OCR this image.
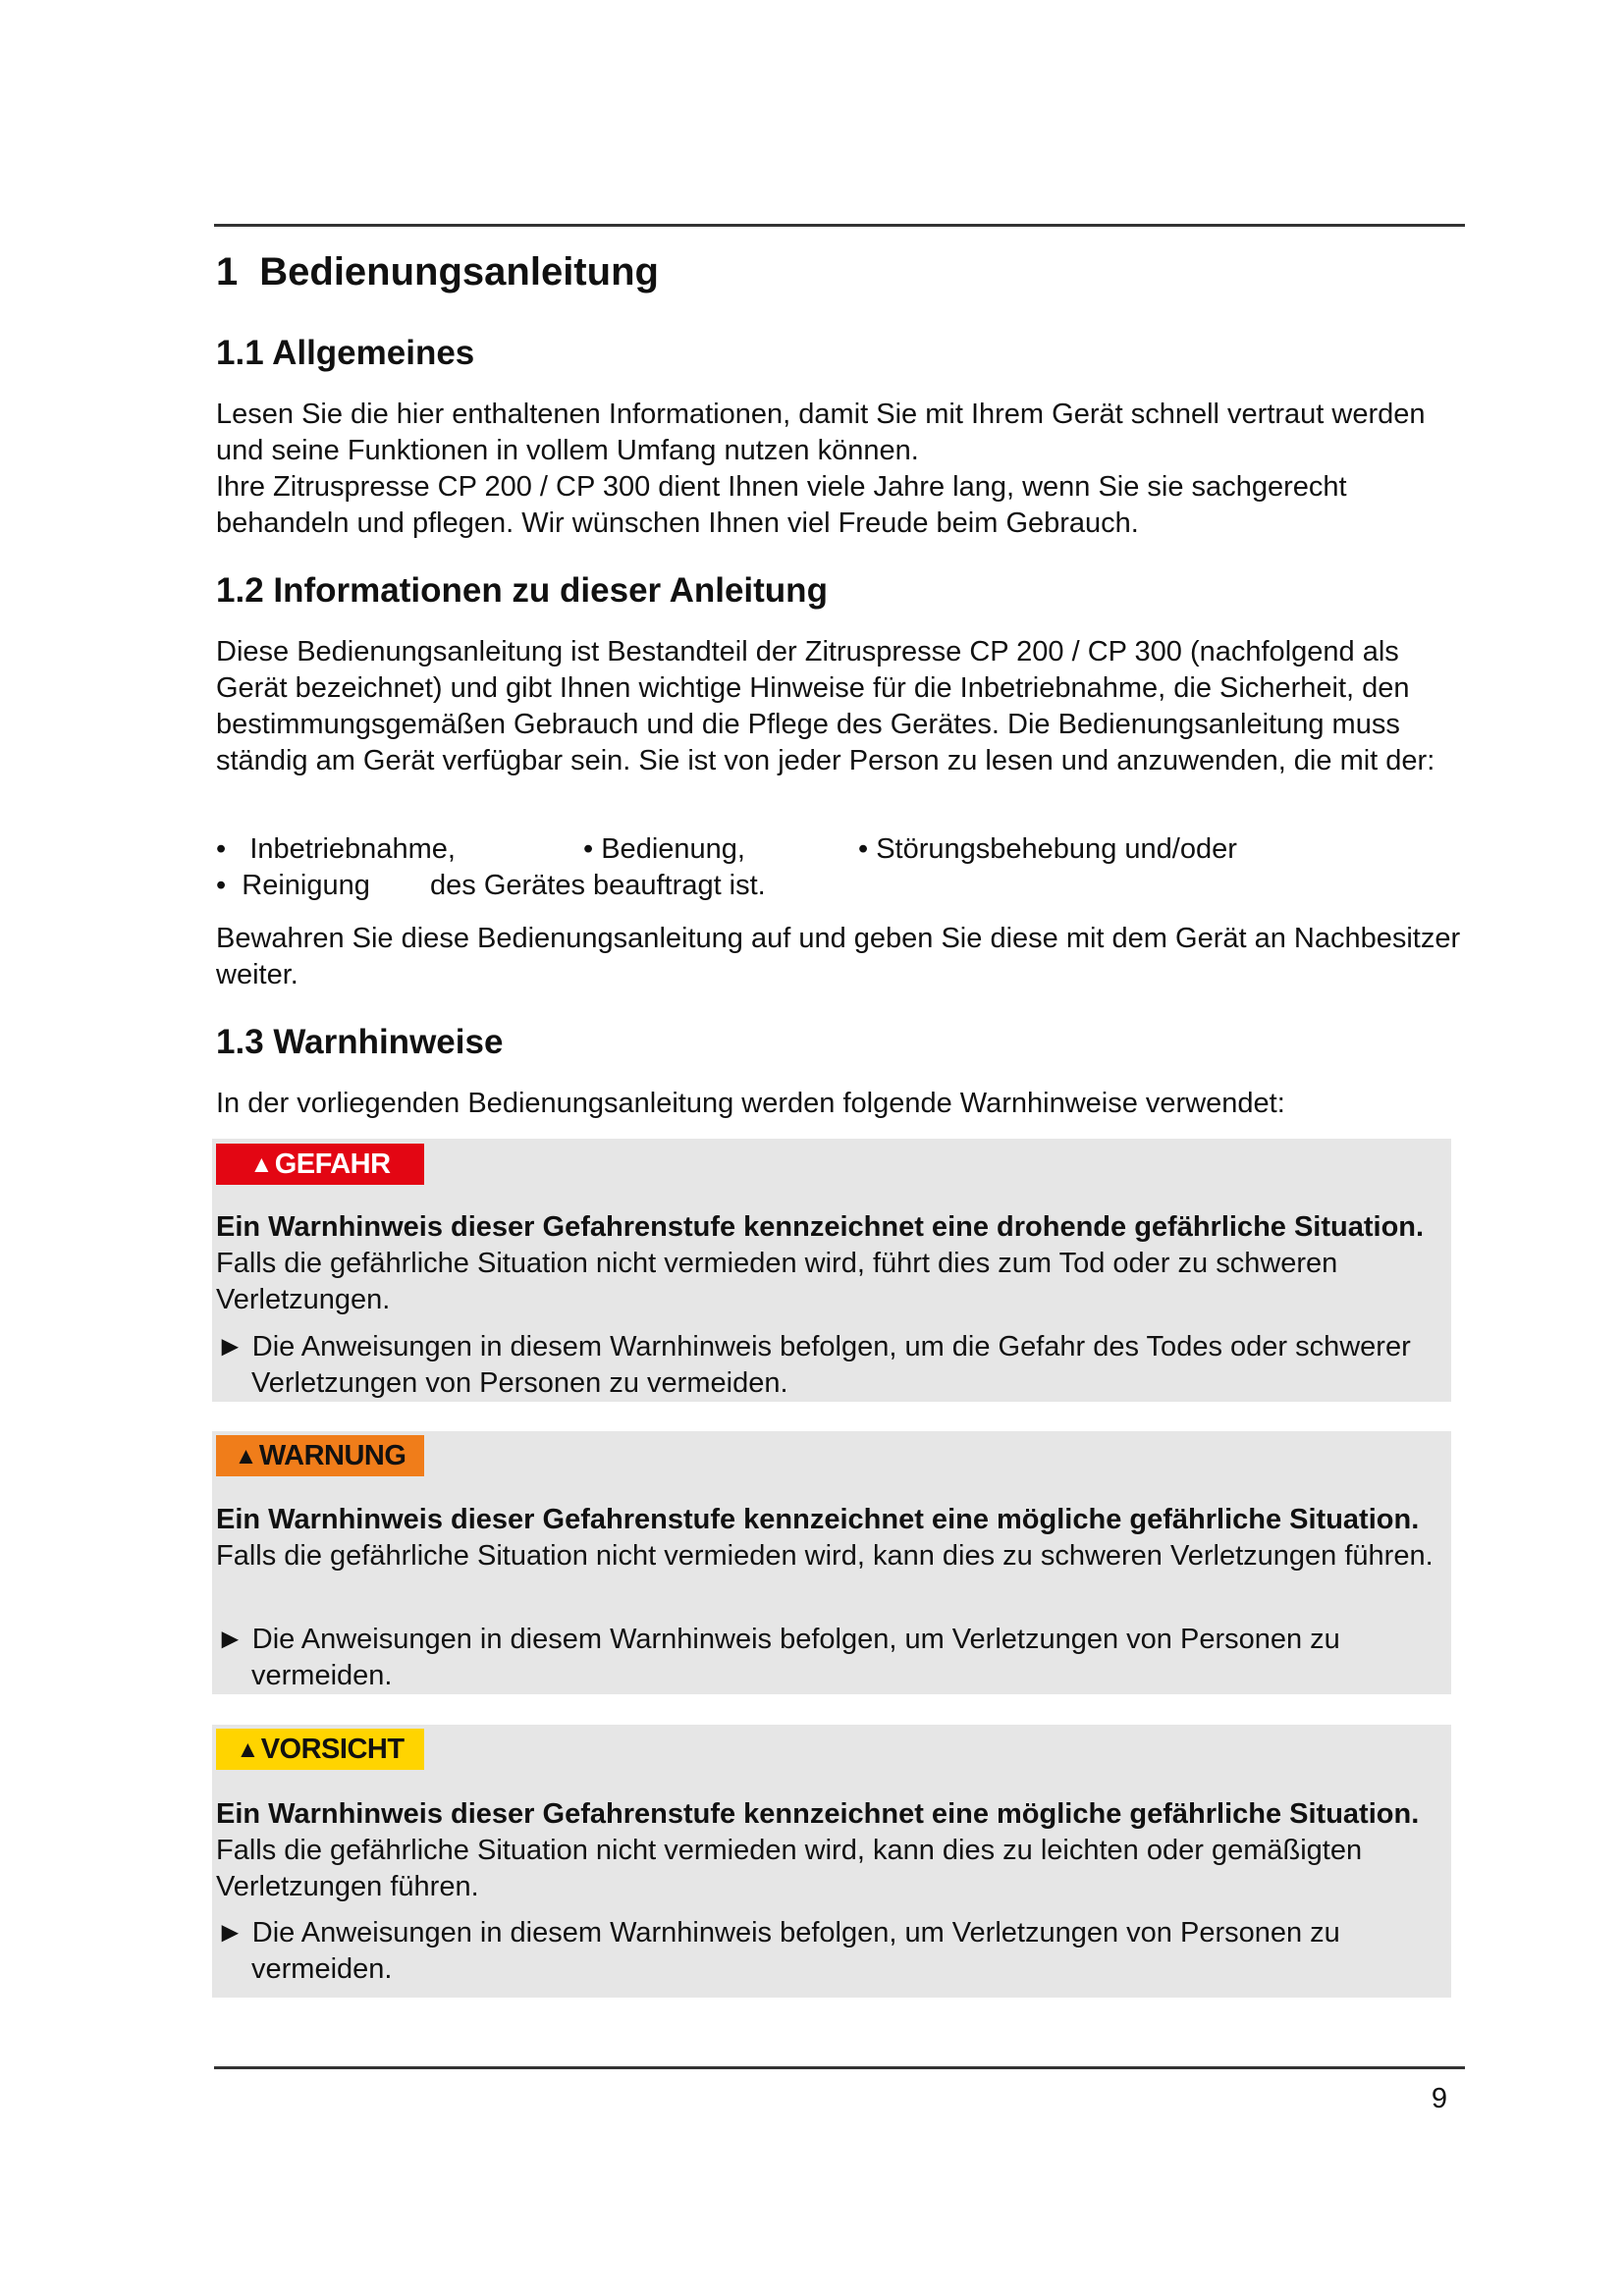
1 Bedienungsanleitung
1.1 Allgemeines

Lesen Sie die hier enthaltenen Informationen, damit Sie mit Ihrem Gerät schnell vertraut werden und seine Funktionen in vollem Umfang nutzen können.

Ihre Zitruspresse CP 200 / CP 300 dient Ihnen viele Jahre lang, wenn Sie sie sachgerecht behandeln und pflegen. Wir wünschen Ihnen viel Freude beim Gebrauch.

1.2 Informationen zu dieser Anleitung

Diese Bedienungsanleitung ist Bestandteil der Zitruspresse CP 200 / CP 300 (nachfolgend als Gerät bezeichnet) und gibt Ihnen wichtige Hinweise für die Inbetriebnahme, die Sicherheit, den bestimmungsgemäßen Gebrauch und die Pflege des Gerätes. Die Bedienungsanleitung muss ständig am Gerät verfügbar sein. Sie ist von jeder Person zu lesen und anzuwenden, die mit der:

•   Inbetriebnahme,	• Bedienung,	• Störungsbehebung und/oder
•  Reinigung des Gerätes beauftragt ist.

Bewahren Sie diese Bedienungsanleitung auf und geben Sie diese mit dem Gerät an Nachbesitzer weiter.

1.3 Warnhinweise

In der vorliegenden Bedienungsanleitung werden folgende Warnhinweise verwendet:

▲GEFAHR

Ein Warnhinweis dieser Gefahrenstufe kennzeichnet eine drohende gefährliche Situation. Falls die gefährliche Situation nicht vermieden wird, führt dies zum Tod oder zu schweren Verletzungen.

► Die Anweisungen in diesem Warnhinweis befolgen, um die Gefahr des Todes oder schwerer Verletzungen von Personen zu vermeiden.

▲WARNUNG

Ein Warnhinweis dieser Gefahrenstufe kennzeichnet eine mögliche gefährliche Situation. Falls die gefährliche Situation nicht vermieden wird, kann dies zu schweren Verletzungen führen.

► Die Anweisungen in diesem Warnhinweis befolgen, um Verletzungen von Personen zu vermeiden.

▲VORSICHT

Ein Warnhinweis dieser Gefahrenstufe kennzeichnet eine mögliche gefährliche Situation. Falls die gefährliche Situation nicht vermieden wird, kann dies zu leichten oder gemäßigten Verletzungen führen.

► Die Anweisungen in diesem Warnhinweis befolgen, um Verletzungen von Personen zu vermeiden.

9
